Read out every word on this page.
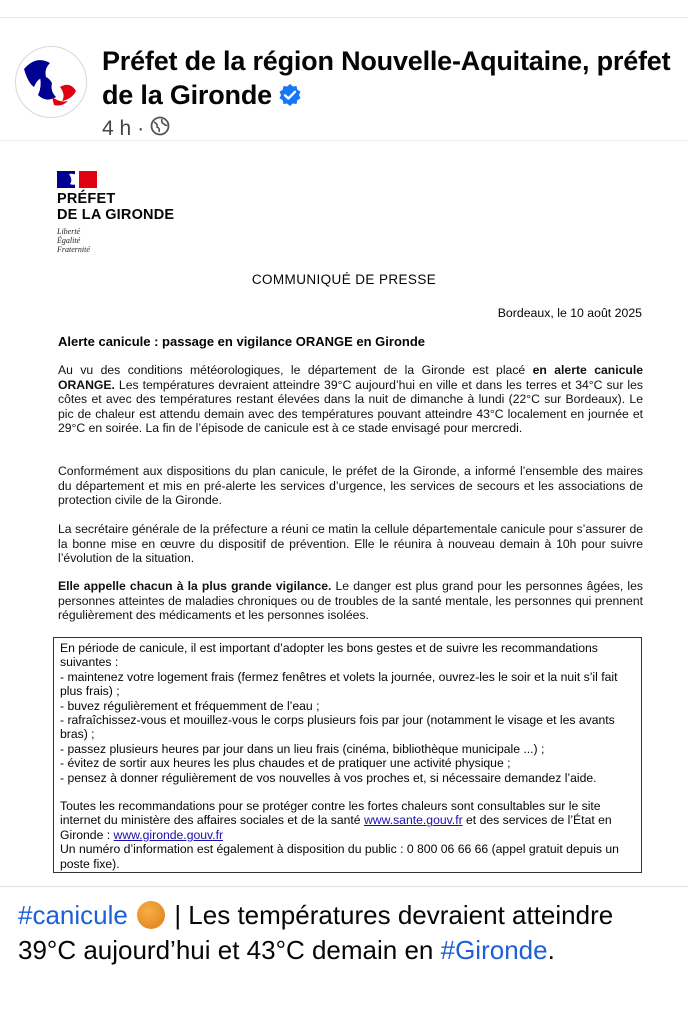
Préfet de la région Nouvelle-Aquitaine, préfet de la Gironde
4 h ·
PRÉFET
DE LA GIRONDE
Liberté
Égalité
Fraternité
COMMUNIQUÉ DE PRESSE
Bordeaux, le 10 août 2025
Alerte canicule : passage en vigilance ORANGE en Gironde
Au vu des conditions météorologiques, le département de la Gironde est placé en alerte canicule ORANGE. Les températures devraient atteindre 39°C aujourd’hui en ville et dans les terres et 34°C sur les côtes et avec des températures restant élevées dans la nuit de dimanche à lundi (22°C sur Bordeaux). Le pic de chaleur est attendu demain avec des températures pouvant atteindre 43°C localement en journée et 29°C en soirée. La fin de l’épisode de canicule est à ce stade envisagé pour mercredi.
Conformément aux dispositions du plan canicule, le préfet de la Gironde, a informé l’ensemble des maires du département et mis en pré-alerte les services d’urgence, les services de secours et les associations de protection civile de la Gironde.
La secrétaire générale de la préfecture a réuni ce matin la cellule départementale canicule pour s’assurer de la bonne mise en œuvre du dispositif de prévention. Elle le réunira à nouveau demain à 10h pour suivre l’évolution de la situation.
Elle appelle chacun à la plus grande vigilance. Le danger est plus grand pour les personnes âgées, les personnes atteintes de maladies chroniques ou de troubles de la santé mentale, les personnes qui prennent régulièrement des médicaments et les personnes isolées.

En période de canicule, il est important d’adopter les bons gestes et de suivre les recommandations suivantes :

- maintenez votre logement frais (fermez fenêtres et volets la journée, ouvrez-les le soir et la nuit s’il fait plus frais) ;

- buvez régulièrement et fréquemment de l’eau ;

- rafraîchissez-vous et mouillez-vous le corps plusieurs fois par jour (notamment le visage et les avants bras) ;

- passez plusieurs heures par jour dans un lieu frais (cinéma, bibliothèque municipale ...) ;

- évitez de sortir aux heures les plus chaudes et de pratiquer une activité physique ;

- pensez à donner régulièrement de vos nouvelles à vos proches et, si nécessaire demandez l’aide.

Toutes les recommandations pour se protéger contre les fortes chaleurs sont consultables sur le site internet du ministère des affaires sociales et de la santé www.sante.gouv.fr et des services de l’État en Gironde : www.gironde.gouv.fr

Un numéro d’information est également à disposition du public : 0 800 06 66 66 (appel gratuit depuis un poste fixe).

#canicule  | Les températures devraient atteindre 39°C aujourd’hui et 43°C demain en #Gironde.
